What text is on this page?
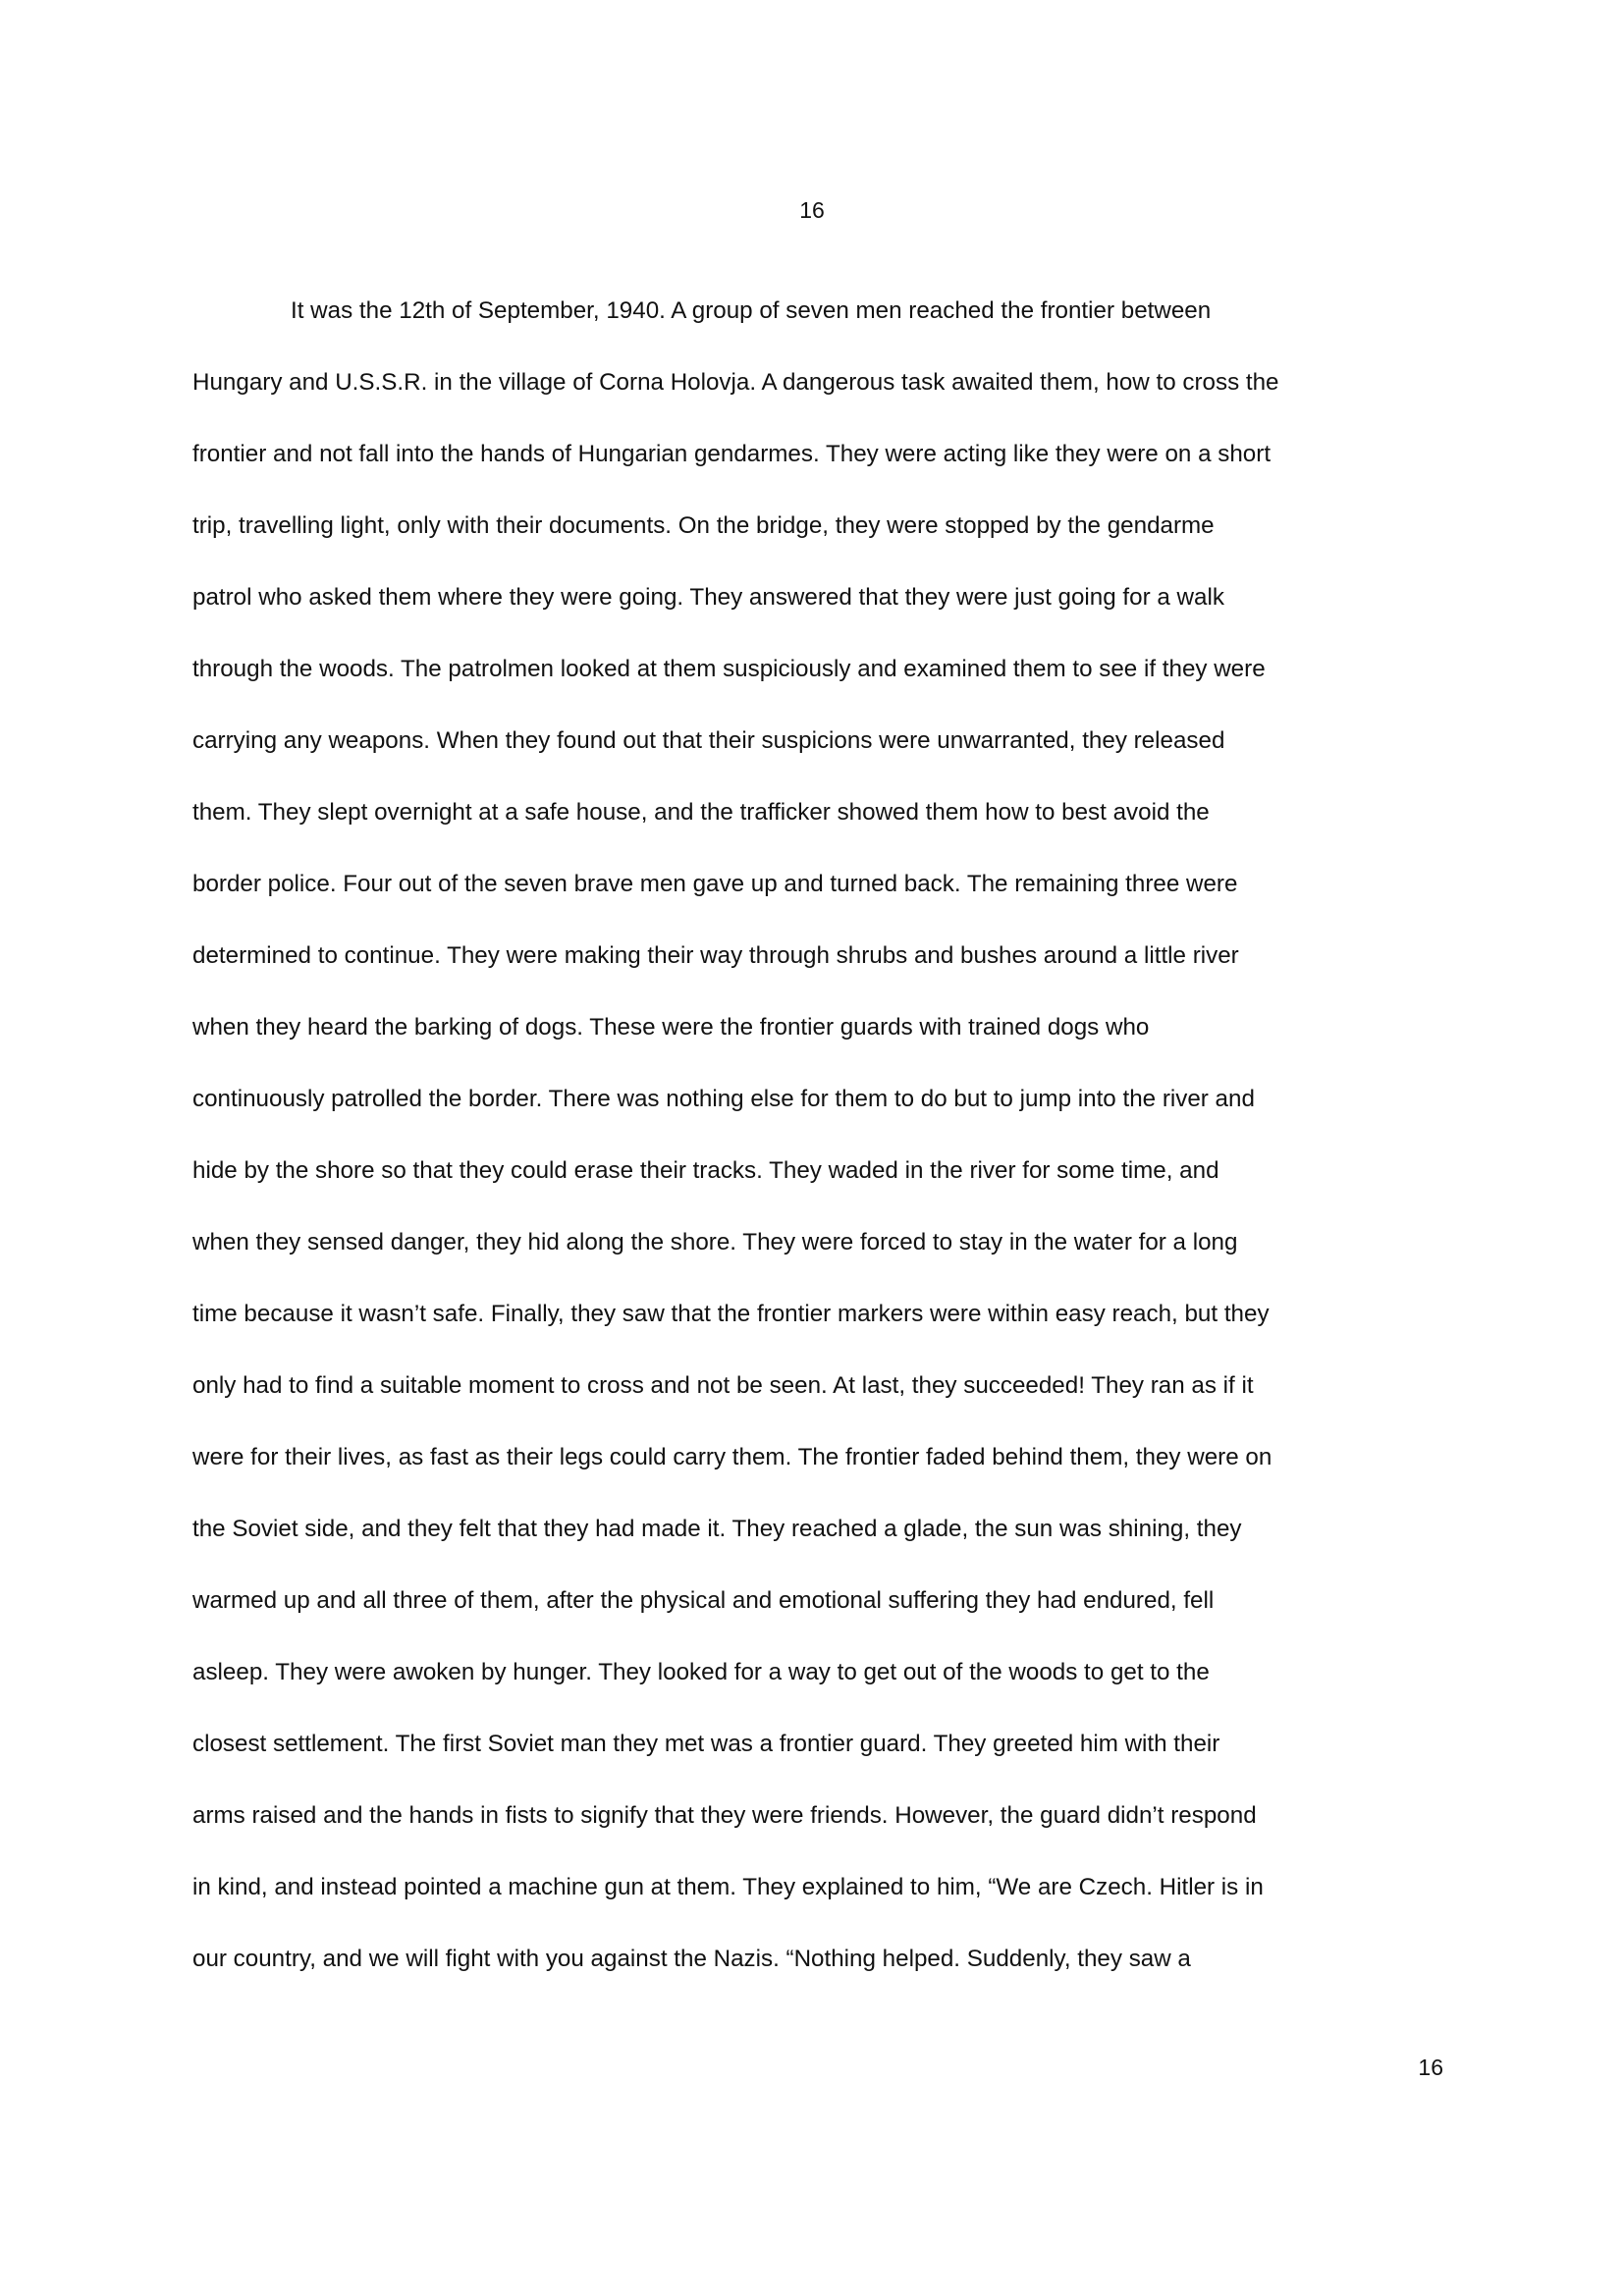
16
It was the 12th of September, 1940. A group of seven men reached the frontier between
Hungary and U.S.S.R. in the village of Corna Holovja. A dangerous task awaited them, how to cross the
frontier and not fall into the hands of Hungarian gendarmes. They were acting like they were on a short
trip, travelling light, only with their documents. On the bridge, they were stopped by the gendarme
patrol who asked them where they were going. They answered that they were just going for a walk
through the woods. The patrolmen looked at them suspiciously and examined them to see if they were
carrying any weapons. When they found out that their suspicions were unwarranted, they released
them. They slept overnight at a safe house, and the trafficker showed them how to best avoid the
border police. Four out of the seven brave men gave up and turned back. The remaining three were
determined to continue. They were making their way through shrubs and bushes around a little river
when they heard the barking of dogs. These were the frontier guards with trained dogs who
continuously patrolled the border. There was nothing else for them to do but to jump into the river and
hide by the shore so that they could erase their tracks. They waded in the river for some time, and
when they sensed danger, they hid along the shore. They were forced to stay in the water for a long
time because it wasn’t safe. Finally, they saw that the frontier markers were within easy reach, but they
only had to find a suitable moment to cross and not be seen. At last, they succeeded! They ran as if it
were for their lives, as fast as their legs could carry them. The frontier faded behind them, they were on
the Soviet side, and they felt that they had made it. They reached a glade, the sun was shining, they
warmed up and all three of them, after the physical and emotional suffering they had endured, fell
asleep. They were awoken by hunger. They looked for a way to get out of the woods to get to the
closest settlement. The first Soviet man they met was a frontier guard. They greeted him with their
arms raised and the hands in fists to signify that they were friends. However, the guard didn’t respond
in kind, and instead pointed a machine gun at them. They explained to him, “We are Czech. Hitler is in
our country, and we will fight with you against the Nazis. “Nothing helped. Suddenly, they saw a
16
